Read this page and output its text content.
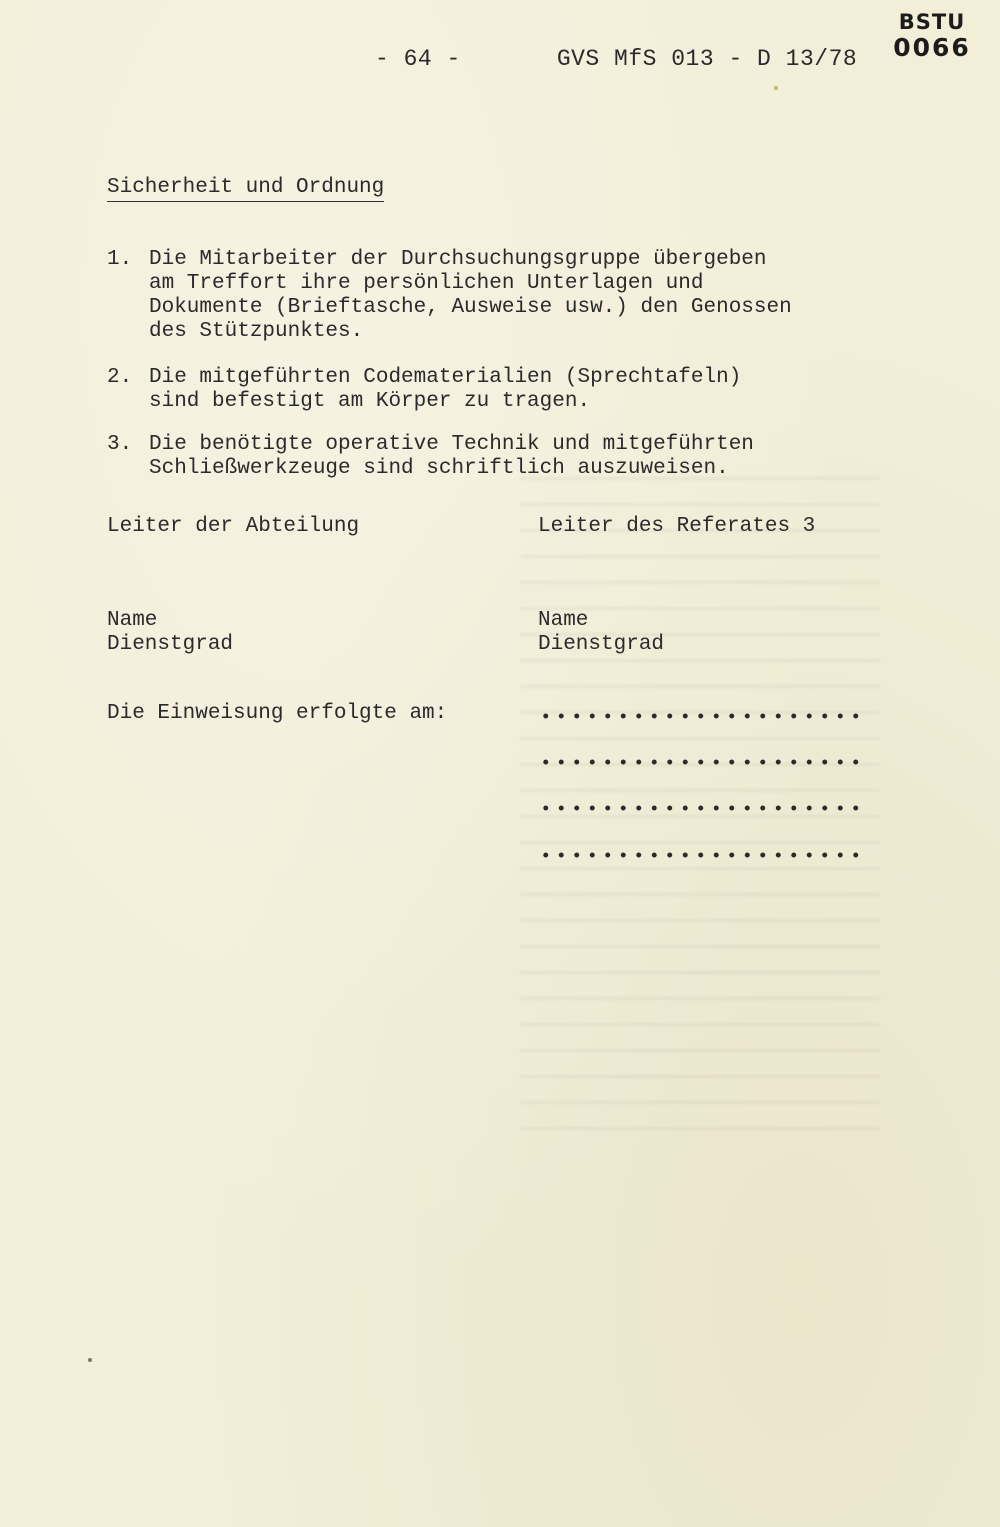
BSTU
0066
- 64 -	GVS MfS 013 - D 13/78
Sicherheit und Ordnung
1. Die Mitarbeiter der Durchsuchungsgruppe übergeben
am Treffort ihre persönlichen Unterlagen und
Dokumente (Brieftasche, Ausweise usw.) den Genossen
des Stützpunktes.
2. Die mitgeführten Codematerialien (Sprechtafeln)
sind befestigt am Körper zu tragen.
3. Die benötigte operative Technik und mitgeführten
Schließwerkzeuge sind schriftlich auszuweisen.
Leiter der Abteilung	Leiter des Referates 3
Name
Dienstgrad
Name
Dienstgrad
Die Einweisung erfolgte am:
